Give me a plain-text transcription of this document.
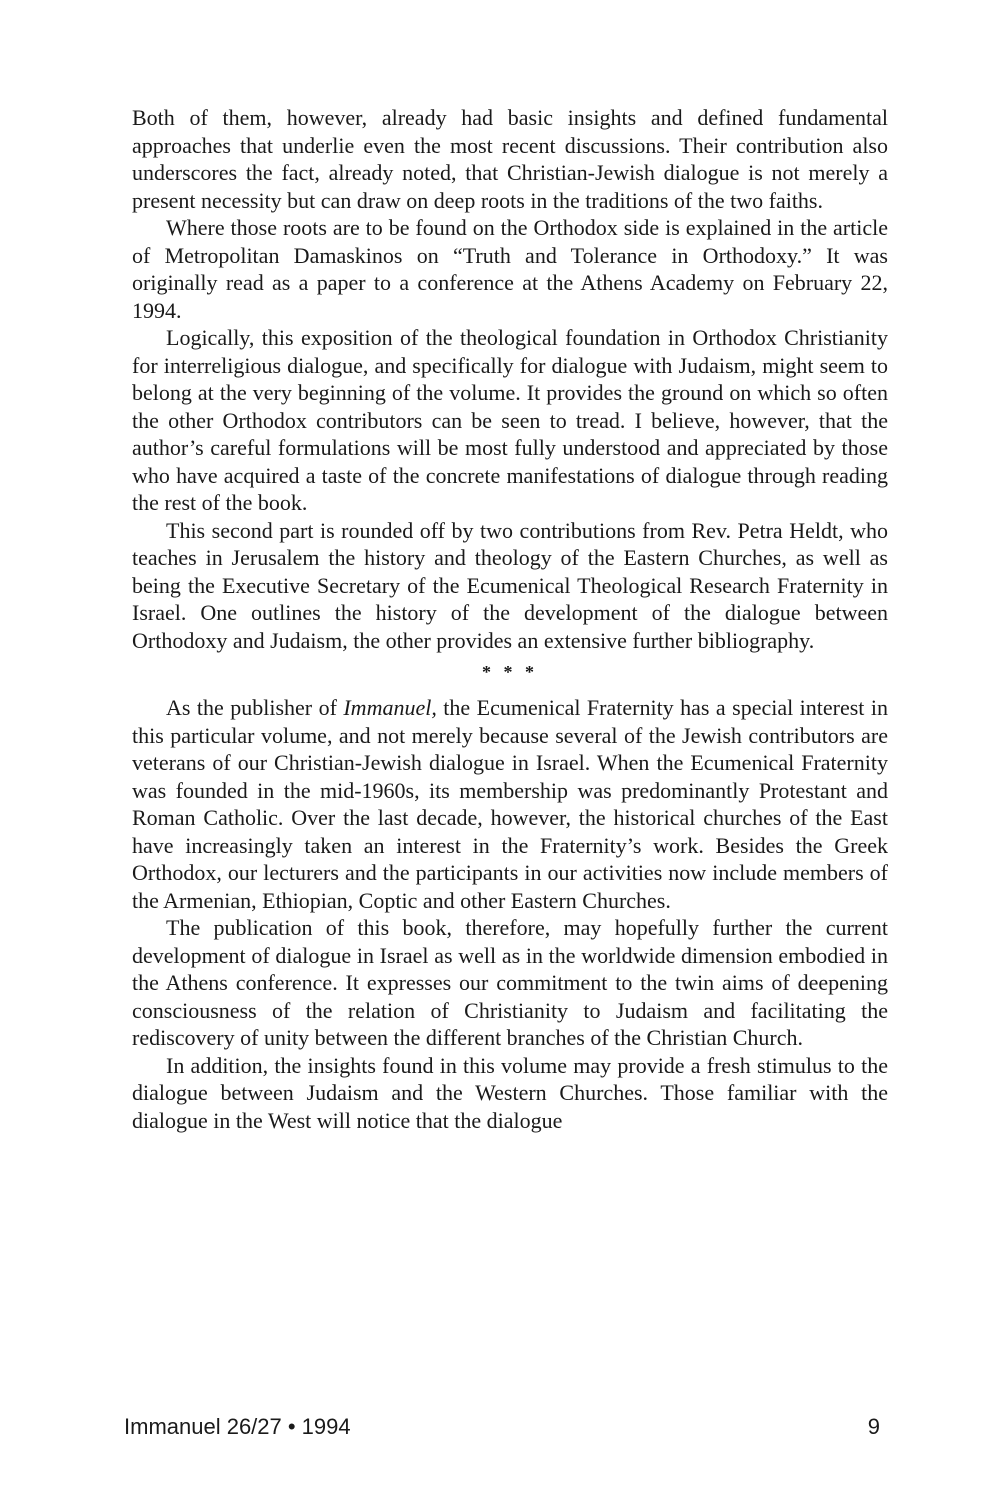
Both of them, however, already had basic insights and defined fundamental approaches that underlie even the most recent discussions. Their contribution also underscores the fact, already noted, that Christian-Jewish dialogue is not merely a present necessity but can draw on deep roots in the traditions of the two faiths.

Where those roots are to be found on the Orthodox side is explained in the article of Metropolitan Damaskinos on “Truth and Tolerance in Orthodoxy.” It was originally read as a paper to a conference at the Athens Academy on February 22, 1994.

Logically, this exposition of the theological foundation in Orthodox Christianity for interreligious dialogue, and specifically for dialogue with Judaism, might seem to belong at the very beginning of the volume. It provides the ground on which so often the other Orthodox contributors can be seen to tread. I believe, however, that the author’s careful formulations will be most fully understood and appreciated by those who have acquired a taste of the concrete manifestations of dialogue through reading the rest of the book.

This second part is rounded off by two contributions from Rev. Petra Heldt, who teaches in Jerusalem the history and theology of the Eastern Churches, as well as being the Executive Secretary of the Ecumenical Theological Research Fraternity in Israel. One outlines the history of the development of the dialogue between Orthodoxy and Judaism, the other provides an extensive further bibliography.

* * *

As the publisher of Immanuel, the Ecumenical Fraternity has a special interest in this particular volume, and not merely because several of the Jewish contributors are veterans of our Christian-Jewish dialogue in Israel. When the Ecumenical Fraternity was founded in the mid-1960s, its membership was predominantly Protestant and Roman Catholic. Over the last decade, however, the historical churches of the East have increasingly taken an interest in the Fraternity’s work. Besides the Greek Orthodox, our lecturers and the participants in our activities now include members of the Armenian, Ethiopian, Coptic and other Eastern Churches.

The publication of this book, therefore, may hopefully further the current development of dialogue in Israel as well as in the worldwide dimension embodied in the Athens conference. It expresses our commitment to the twin aims of deepening consciousness of the relation of Christianity to Judaism and facilitating the rediscovery of unity between the different branches of the Christian Church.

In addition, the insights found in this volume may provide a fresh stimulus to the dialogue between Judaism and the Western Churches. Those familiar with the dialogue in the West will notice that the dialogue

Immanuel 26/27 • 1994	9
